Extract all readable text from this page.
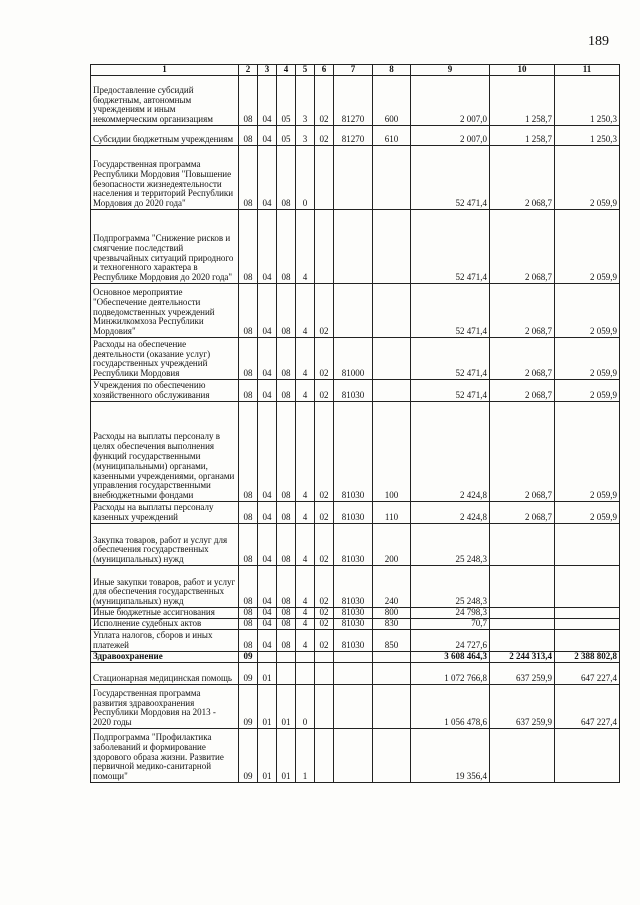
189
1	2	3	4	5	6	7	8	9	10	11
Предоставление субсидий бюджетным, автономным учреждениям и иным некоммерческим организациям	08	04	05	3	02	81270	600	2 007,0	1 258,7	1 250,3
Субсидии бюджетным учреждениям	08	04	05	3	02	81270	610	2 007,0	1 258,7	1 250,3
Государственная программа Республики Мордовия "Повышение безопасности жизнедеятельности населения и территорий Республики Мордовия до 2020 года"	08	04	08	0				52 471,4	2 068,7	2 059,9
Подпрограмма "Снижение рисков и смягчение последствий чрезвычайных ситуаций природного и техногенного характера в Республике Мордовия до 2020 года"	08	04	08	4				52 471,4	2 068,7	2 059,9
Основное мероприятие "Обеспечение деятельности подведомственных учреждений Минжилкомхоза Республики Мордовия"	08	04	08	4	02			52 471,4	2 068,7	2 059,9
Расходы на обеспечение деятельности (оказание услуг) государственных учреждений Республики Мордовия	08	04	08	4	02	81000		52 471,4	2 068,7	2 059,9
Учреждения по обеспечению хозяйственного обслуживания	08	04	08	4	02	81030		52 471,4	2 068,7	2 059,9
Расходы на выплаты персоналу в целях обеспечения выполнения функций государственными (муниципальными) органами, казенными учреждениями, органами управления государственными внебюджетными фондами	08	04	08	4	02	81030	100	2 424,8	2 068,7	2 059,9
Расходы на выплаты персоналу казенных учреждений	08	04	08	4	02	81030	110	2 424,8	2 068,7	2 059,9
Закупка товаров, работ и услуг для обеспечения государственных (муниципальных) нужд	08	04	08	4	02	81030	200	25 248,3		
Иные закупки товаров, работ и услуг для обеспечения государственных (муниципальных) нужд	08	04	08	4	02	81030	240	25 248,3		
Иные бюджетные ассигнования	08	04	08	4	02	81030	800	24 798,3		
Исполнение судебных актов	08	04	08	4	02	81030	830	70,7		
Уплата налогов, сборов и иных платежей	08	04	08	4	02	81030	850	24 727,6		
Здравоохранение	09							3 608 464,3	2 244 313,4	2 388 802,8
Стационарная медицинская помощь	09	01						1 072 766,8	637 259,9	647 227,4
Государственная программа развития здравоохранения Республики Мордовия на 2013 - 2020 годы	09	01	01	0				1 056 478,6	637 259,9	647 227,4
Подпрограмма "Профилактика заболеваний и формирование здорового образа жизни. Развитие первичной медико-санитарной помощи"	09	01	01	1				19 356,4		
